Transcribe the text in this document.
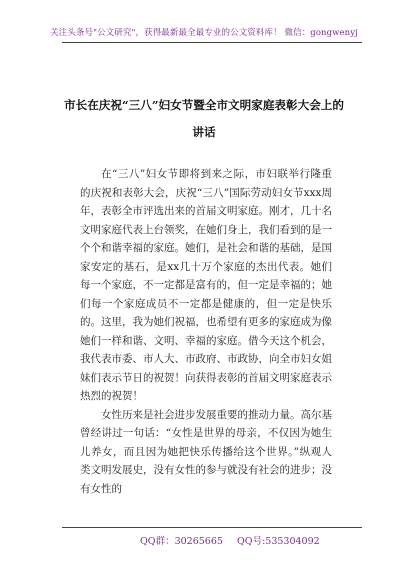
关注头条号"公文研究"，获得最新最全最专业的公文资料库！ 微信：gongwenyj
市长在庆祝“三八”妇女节暨全市文明家庭表彰大会上的
讲话

在“三八”妇女节即将到来之际，市妇联举行隆重的庆祝和表彰大会，庆祝“三八”国际劳动妇女节xxx周年，表彰全市评选出来的首届文明家庭。刚才，几十名文明家庭代表上台领奖，在她们身上，我们看到的是一个个和谐幸福的家庭。她们，是社会和谐的基础，是国家安定的基石，是xx几十万个家庭的杰出代表。她们每一个家庭，不一定都是富有的，但一定是幸福的；她们每一个家庭成员不一定都是健康的，但一定是快乐的。这里，我为她们祝福，也希望有更多的家庭成为像她们一样和谐、文明、幸福的家庭。借今天这个机会，我代表市委、市人大、市政府、市政协，向全市妇女姐妹们表示节日的祝贺！向获得表彰的首届文明家庭表示热烈的祝贺！

女性历来是社会进步发展重要的推动力量。高尔基曾经讲过一句话：“女性是世界的母亲，不仅因为她生儿养女，而且因为她把快乐传播给这个世界。”纵观人类文明发展史，没有女性的参与就没有社会的进步；没有女性的

QQ群：30265665 QQ号:535304092
